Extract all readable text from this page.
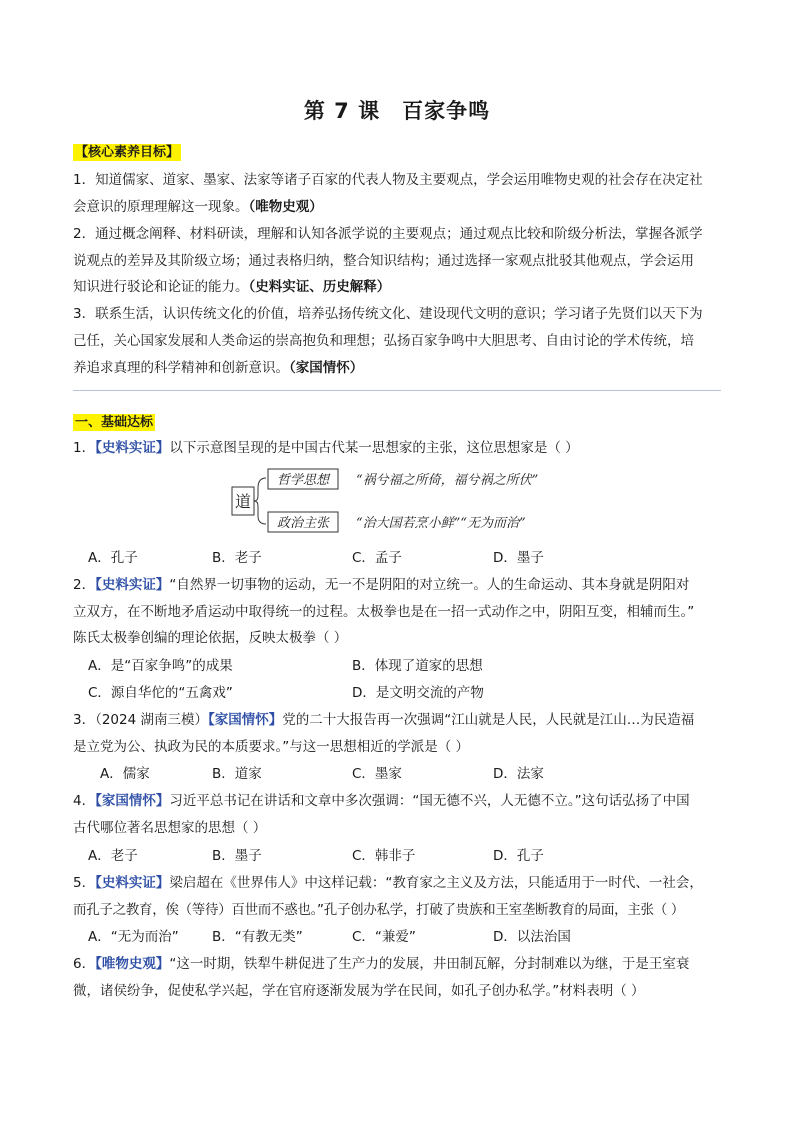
第 7 课 百家争鸣
【核心素养目标】
1．知道儒家、道家、墨家、法家等诸子百家的代表人物及主要观点，学会运用唯物史观的社会存在决定社
会意识的原理理解这一现象。（唯物史观）
2．通过概念阐释、材料研读，理解和认知各派学说的主要观点；通过观点比较和阶级分析法，掌握各派学
说观点的差异及其阶级立场；通过表格归纳，整合知识结构；通过选择一家观点批驳其他观点，学会运用
知识进行驳论和论证的能力。（史料实证、历史解释）
3．联系生活，认识传统文化的价值，培养弘扬传统文化、建设现代文明的意识；学习诸子先贤们以天下为
己任，关心国家发展和人类命运的崇高抱负和理想；弘扬百家争鸣中大胆思考、自由讨论的学术传统，培
养追求真理的科学精神和创新意识。（家国情怀）
一、基础达标
1．【史料实证】以下示意图呈现的是中国古代某一思想家的主张，这位思想家是（ ）
道
哲学思想 “祸兮福之所倚，福兮祸之所伏”
政治主张 “治大国若烹小鲜”“无为而治”
A．孔子	B．老子	C．孟子	D．墨子
2．【史料实证】“自然界一切事物的运动，无一不是阴阳的对立统一。人的生命运动、其本身就是阴阳对
立双方，在不断地矛盾运动中取得统一的过程。太极拳也是在一招一式动作之中，阴阳互变，相辅而生。”
陈氏太极拳创编的理论依据，反映太极拳（ ）
A．是“百家争鸣”的成果	B．体现了道家的思想
C．源自华佗的“五禽戏”	D．是文明交流的产物
3．（2024 湖南三模）【家国情怀】党的二十大报告再一次强调“江山就是人民，人民就是江山…为民造福
是立党为公、执政为民的本质要求。”与这一思想相近的学派是（ ）
A．儒家	B．道家	C．墨家	D．法家
4．【家国情怀】习近平总书记在讲话和文章中多次强调：“国无德不兴，人无德不立。”这句话弘扬了中国
古代哪位著名思想家的思想（ ）
A．老子	B．墨子	C．韩非子	D．孔子
5．【史料实证】梁启超在《世界伟人》中这样记载：“教育家之主义及方法，只能适用于一时代、一社会，
而孔子之教育，俟（等待）百世而不惑也。”孔子创办私学，打破了贵族和王室垄断教育的局面，主张（ ）
A．“无为而治” B．“有教无类”	C．“兼爱”	D．以法治国
6．【唯物史观】“这一时期，铁犁牛耕促进了生产力的发展，井田制瓦解，分封制难以为继，于是王室衰
微，诸侯纷争，促使私学兴起，学在官府逐渐发展为学在民间，如孔子创办私学。”材料表明（ ）
